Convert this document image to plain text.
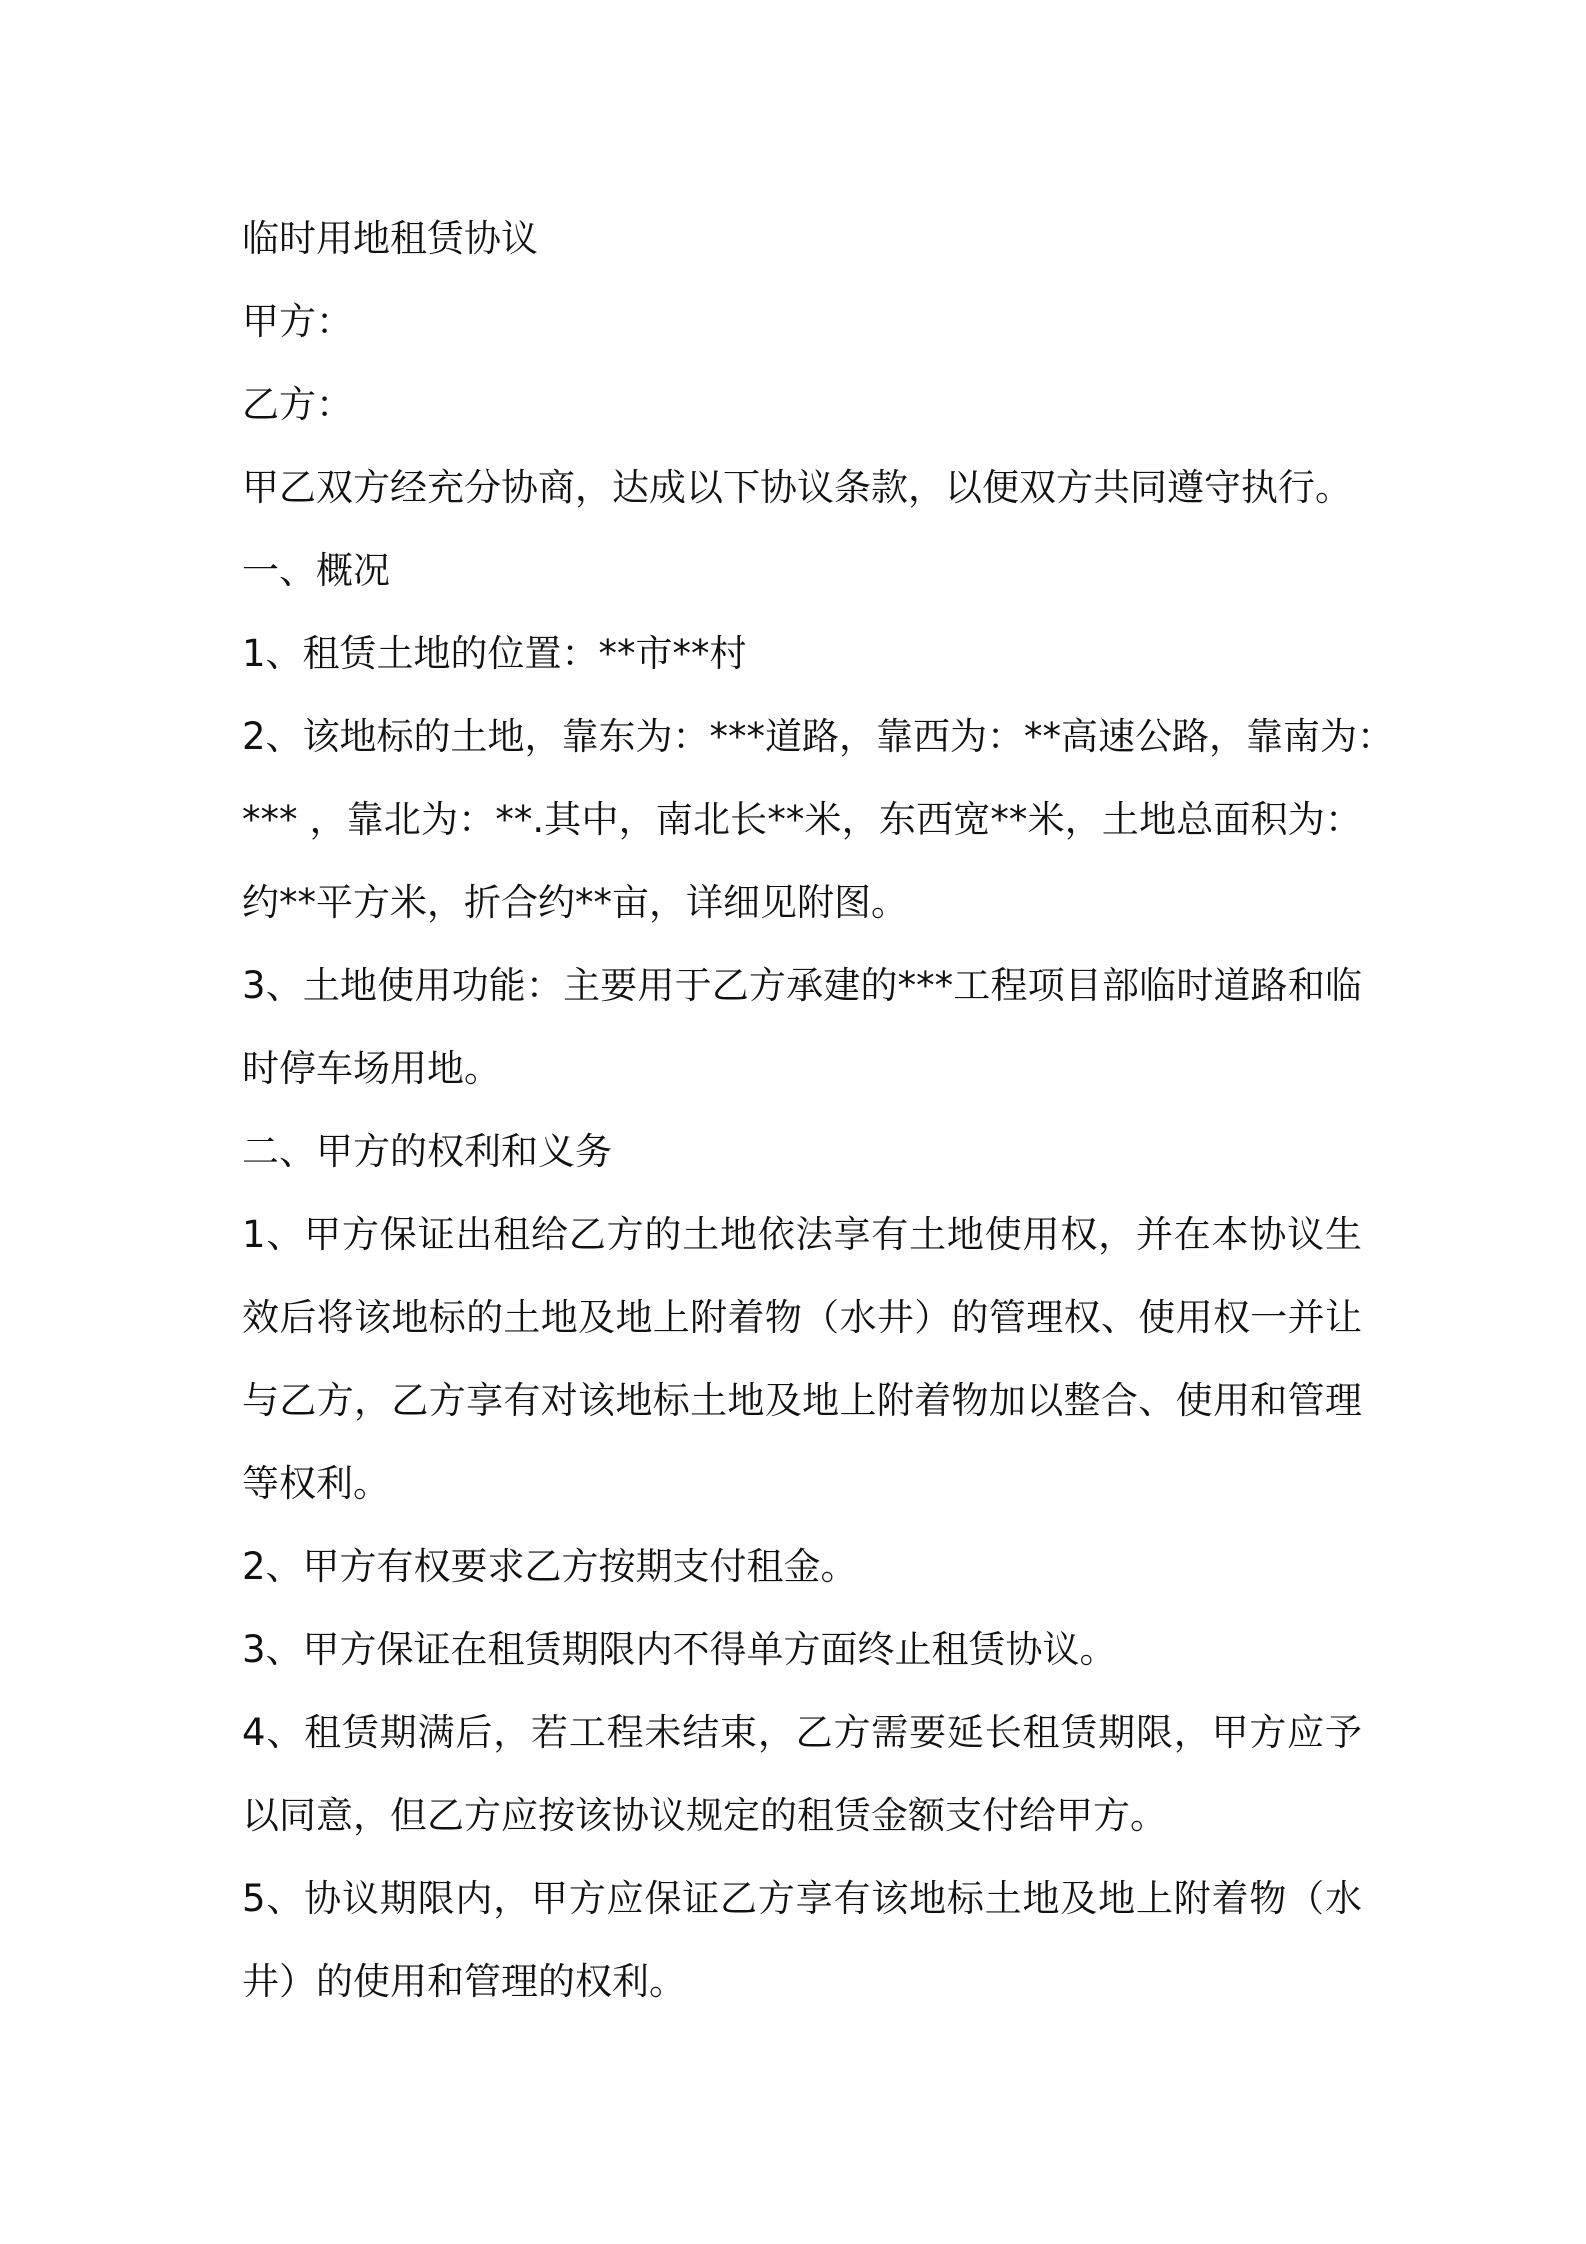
临时用地租赁协议
甲方：
乙方：
甲乙双方经充分协商，达成以下协议条款，以便双方共同遵守执行。
一、概况
1、租赁土地的位置：**市**村
2、该地标的土地，靠东为：***道路，靠西为：**高速公路，靠南为：
*** ，靠北为：**.其中，南北长**米，东西宽**米，土地总面积为：
约**平方米，折合约**亩，详细见附图。
3、土地使用功能：主要用于乙方承建的***工程项目部临时道路和临
时停车场用地。
二、甲方的权利和义务
1、甲方保证出租给乙方的土地依法享有土地使用权，并在本协议生
效后将该地标的土地及地上附着物（水井）的管理权、使用权一并让
与乙方，乙方享有对该地标土地及地上附着物加以整合、使用和管理
等权利。
2、甲方有权要求乙方按期支付租金。
3、甲方保证在租赁期限内不得单方面终止租赁协议。
4、租赁期满后，若工程未结束，乙方需要延长租赁期限，甲方应予
以同意，但乙方应按该协议规定的租赁金额支付给甲方。
5、协议期限内，甲方应保证乙方享有该地标土地及地上附着物（水
井）的使用和管理的权利。
